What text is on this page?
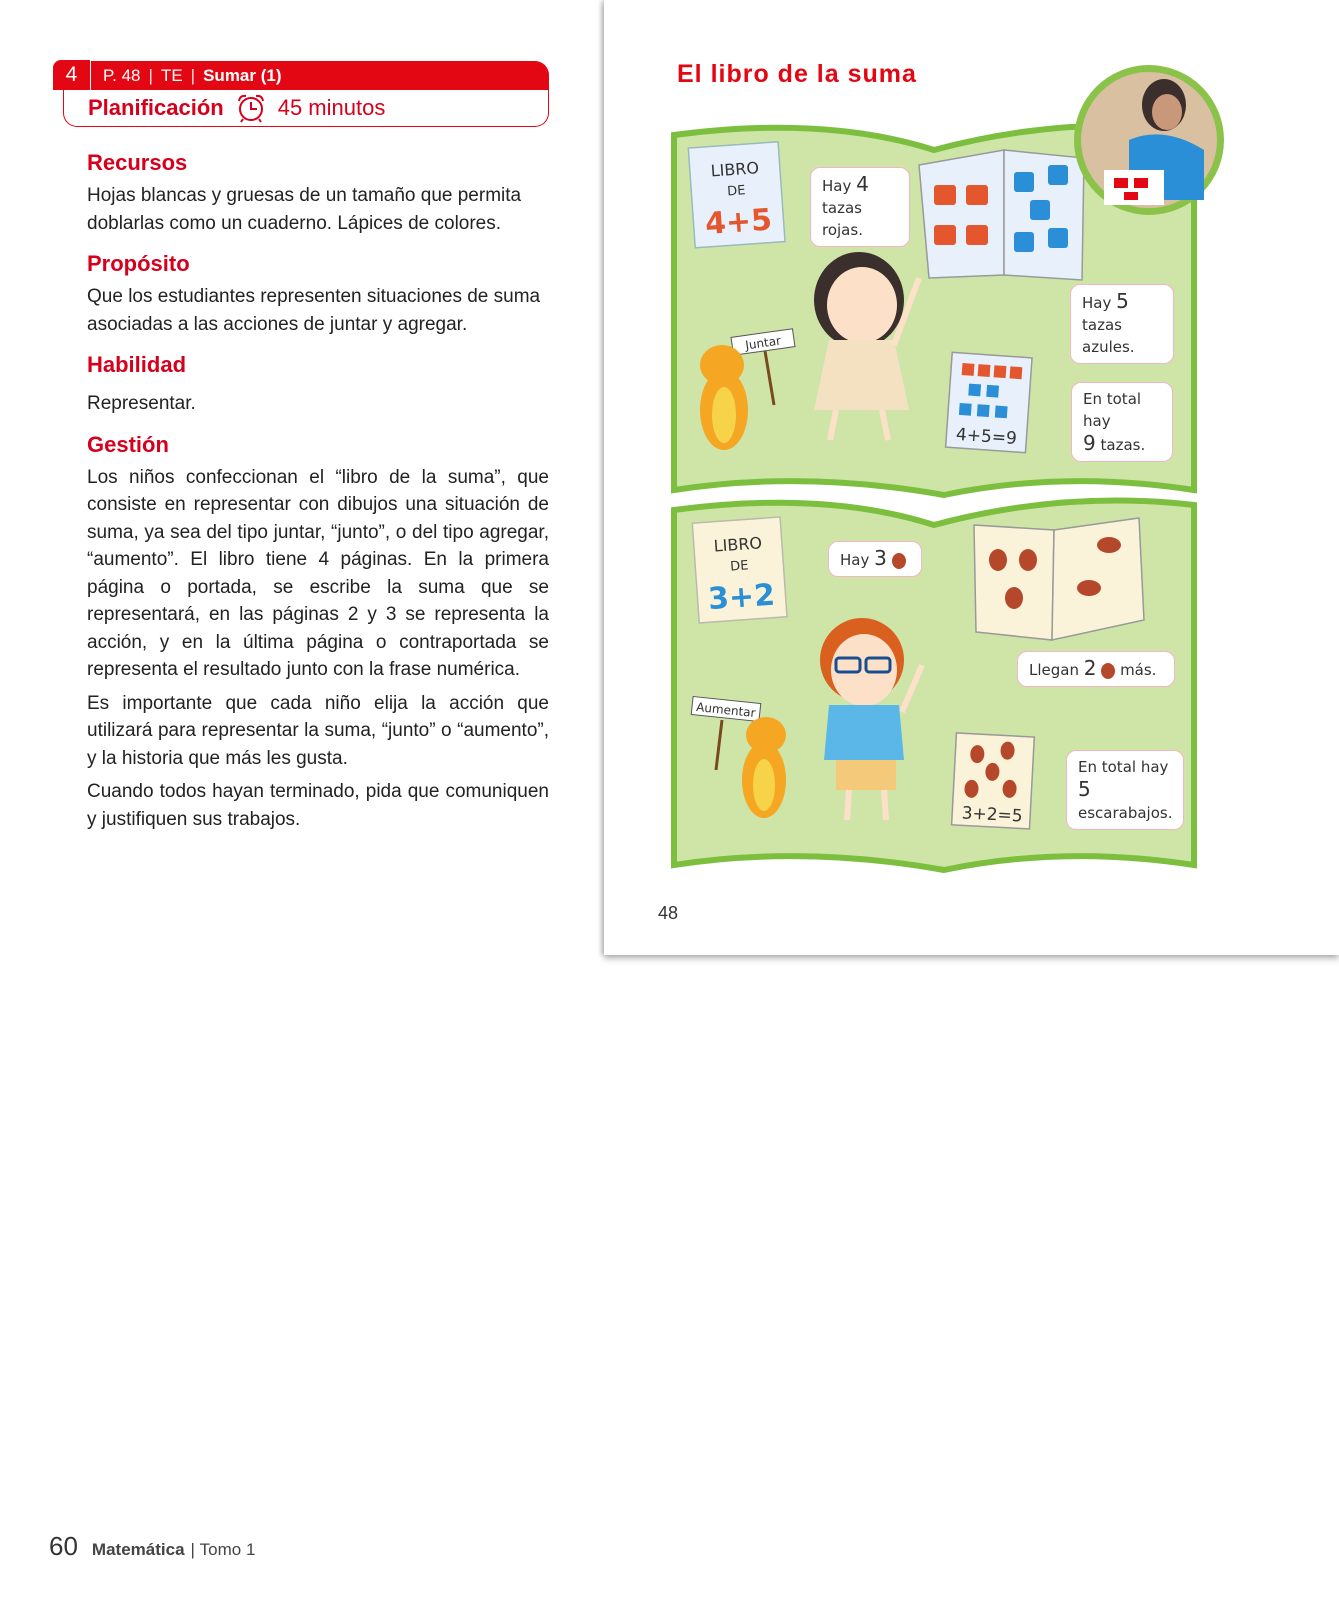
4	P. 48 | TE | Sumar (1)
Planificación 45 minutos
Recursos

Hojas blancas y gruesas de un tamaño que permita doblarlas como un cuaderno. Lápices de colores.

Propósito

Que los estudiantes representen situaciones de suma asociadas a las acciones de juntar y agregar.

Habilidad

Representar.

Gestión

Los niños confeccionan el “libro de la suma”, que consiste en representar con dibujos una situación de suma, ya sea del tipo juntar, “junto”, o del tipo agregar, “aumento”. El libro tiene 4 páginas. En la primera página o portada, se escribe la suma que se representará, en las páginas 2 y 3 se representa la acción, y en la última página o contraportada se representa el resultado junto con la frase numérica.

Es importante que cada niño elija la acción que utilizará para representar la suma, “junto” o “aumento”, y la historia que más les gusta.

Cuando todos hayan terminado, pida que comuniquen y justifiquen sus trabajos.

El libro de la suma
LIBRO
DE
4+5
Juntar
4+5=9
LIBRO
DE
3+2
Aumentar
3+2=5
Hay 4
tazas rojas.
Hay 5 tazas
azules.
En total hay
9 tazas.
Hay 3
Llegan 2 más.
En total hay
5 escarabajos.
48
60 Matemática | Tomo 1
